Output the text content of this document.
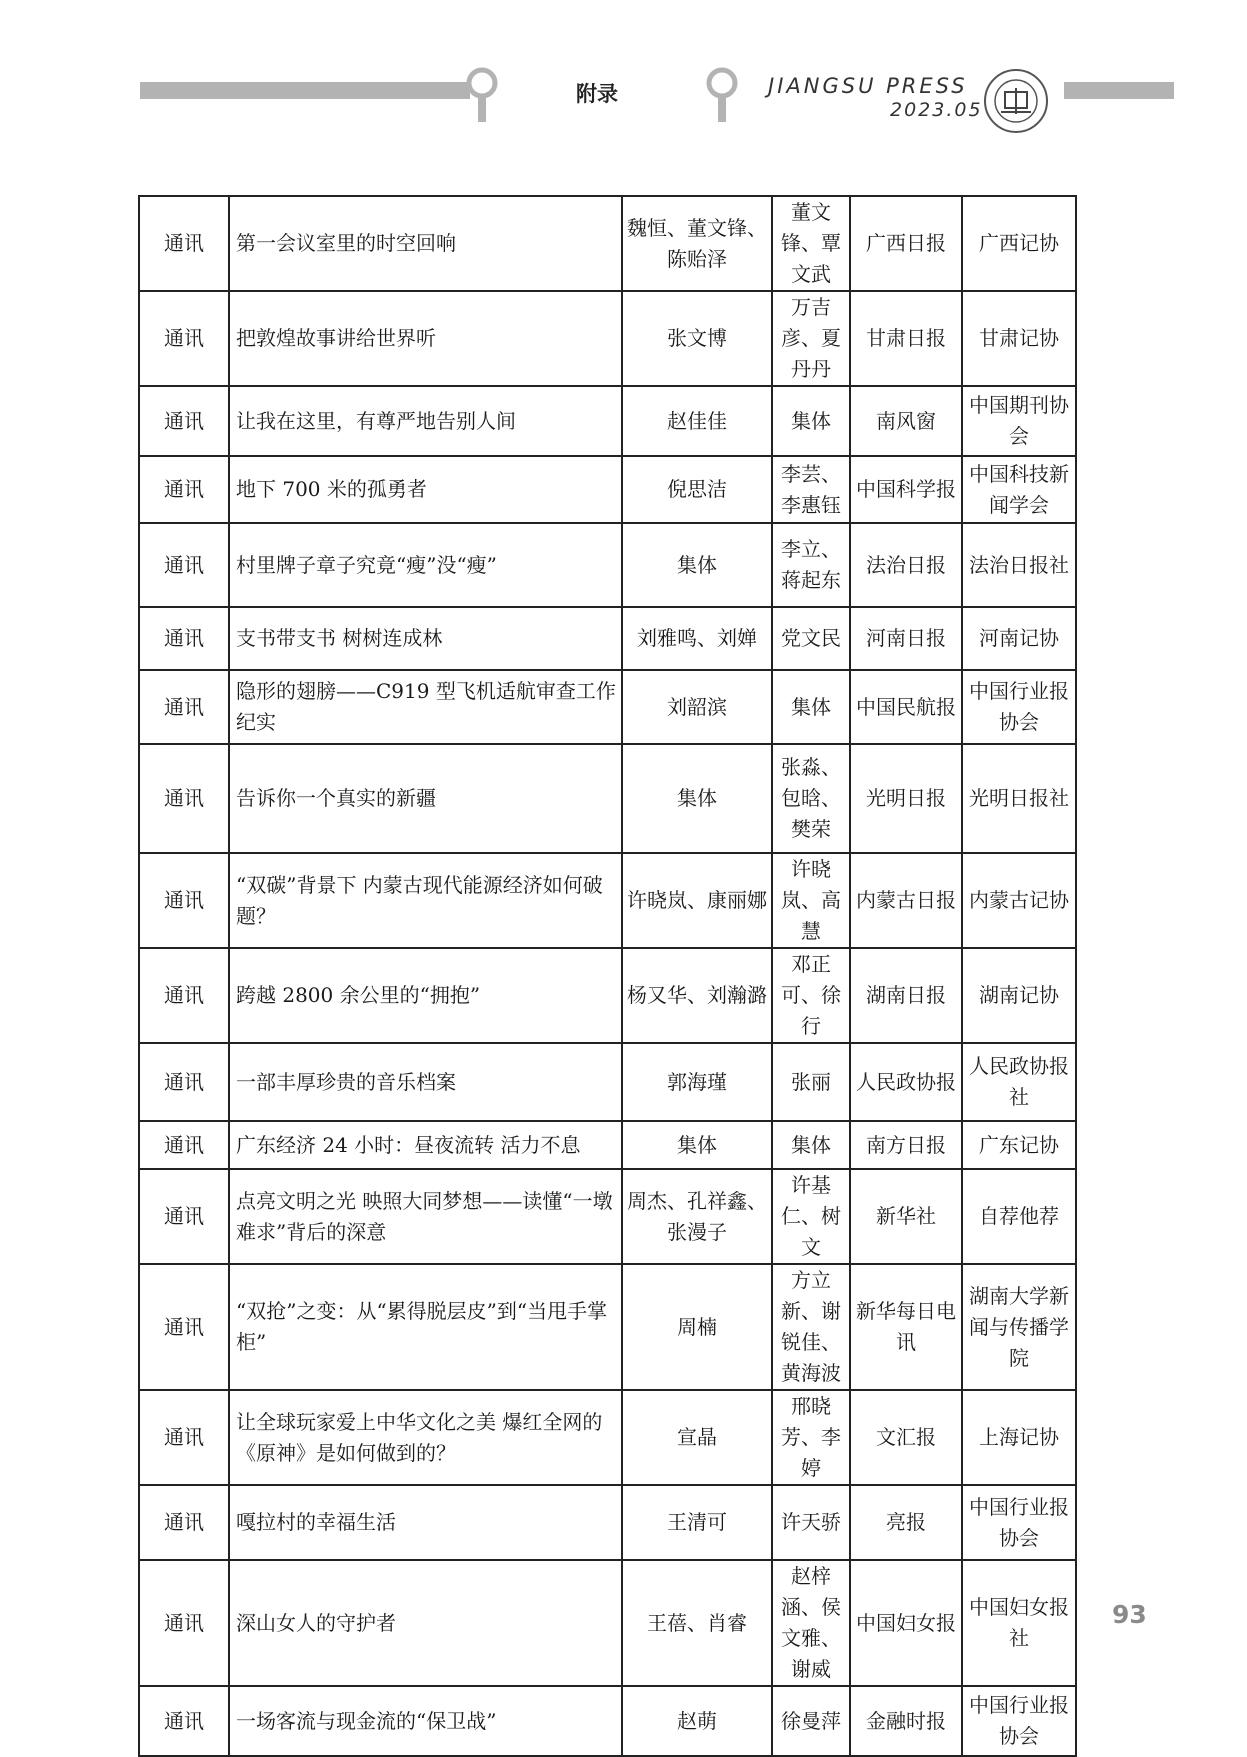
附录	JIANGSU PRESS
2023.05
通讯	第一会议室里的时空回响	魏恒、董文锋、陈贻泽	董文锋、覃文武	广西日报	广西记协
通讯	把敦煌故事讲给世界听	张文博	万吉彦、夏丹丹	甘肃日报	甘肃记协
通讯	让我在这里，有尊严地告别人间	赵佳佳	集体	南风窗	中国期刊协会
通讯	地下 700 米的孤勇者	倪思洁	李芸、李惠钰	中国科学报	中国科技新闻学会
通讯	村里牌子章子究竟“瘦”没“瘦”	集体	李立、蒋起东	法治日报	法治日报社
通讯	支书带支书 树树连成林	刘雅鸣、刘婵	党文民	河南日报	河南记协
通讯	隐形的翅膀——C919 型飞机适航审查工作纪实	刘韶滨	集体	中国民航报	中国行业报协会
通讯	告诉你一个真实的新疆	集体	张淼、包晗、樊荣	光明日报	光明日报社
通讯	“双碳”背景下 内蒙古现代能源经济如何破题？	许晓岚、康丽娜	许晓岚、高慧	内蒙古日报	内蒙古记协
通讯	跨越 2800 余公里的“拥抱”	杨又华、刘瀚潞	邓正可、徐行	湖南日报	湖南记协
通讯	一部丰厚珍贵的音乐档案	郭海瑾	张丽	人民政协报	人民政协报社
通讯	广东经济 24 小时：昼夜流转 活力不息	集体	集体	南方日报	广东记协
通讯	点亮文明之光 映照大同梦想——读懂“一墩难求”背后的深意	周杰、孔祥鑫、张漫子	许基仁、树文	新华社	自荐他荐
通讯	“双抢”之变：从“累得脱层皮”到“当甩手掌柜”	周楠	方立新、谢锐佳、黄海波	新华每日电讯	湖南大学新闻与传播学院
通讯	让全球玩家爱上中华文化之美 爆红全网的《原神》是如何做到的？	宣晶	邢晓芳、李婷	文汇报	上海记协
通讯	嘎拉村的幸福生活	王清可	许天骄	亮报	中国行业报协会
通讯	深山女人的守护者	王蓓、肖睿	赵梓涵、侯文雅、谢威	中国妇女报	中国妇女报社
通讯	一场客流与现金流的“保卫战”	赵萌	徐曼萍	金融时报	中国行业报协会
93
